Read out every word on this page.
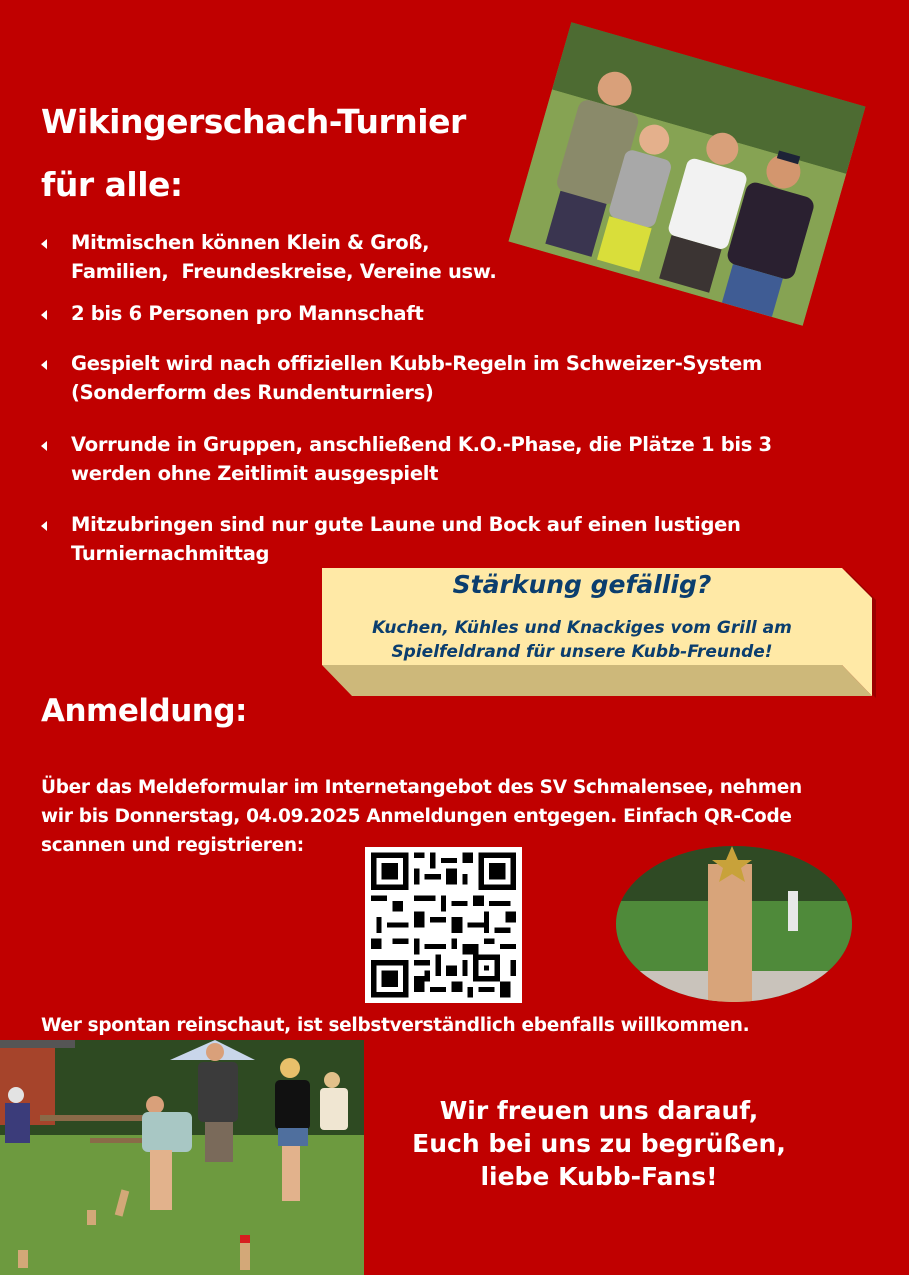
Wikingerschach-Turnier
für alle:
Mitmischen können Klein & Groß,
Familien,  Freundeskreise, Vereine usw.
2 bis 6 Personen pro Mannschaft
Gespielt wird nach offiziellen Kubb-Regeln im Schweizer-System
(Sonderform des Rundenturniers)
Vorrunde in Gruppen, anschließend K.O.-Phase, die Plätze 1 bis 3
werden ohne Zeitlimit ausgespielt
Mitzubringen sind nur gute Laune und Bock auf einen lustigen
Turniernachmittag
Stärkung gefällig?
Kuchen, Kühles und Knackiges vom Grill am
Spielfeldrand für unsere Kubb-Freunde!
Anmeldung:
Über das Meldeformular im Internetangebot des SV Schmalensee, nehmen
wir bis Donnerstag, 04.09.2025 Anmeldungen entgegen. Einfach QR-Code
scannen und registrieren:
Wer spontan reinschaut, ist selbstverständlich ebenfalls willkommen.
Wir freuen uns darauf,
Euch bei uns zu begrüßen,
liebe Kubb-Fans!
